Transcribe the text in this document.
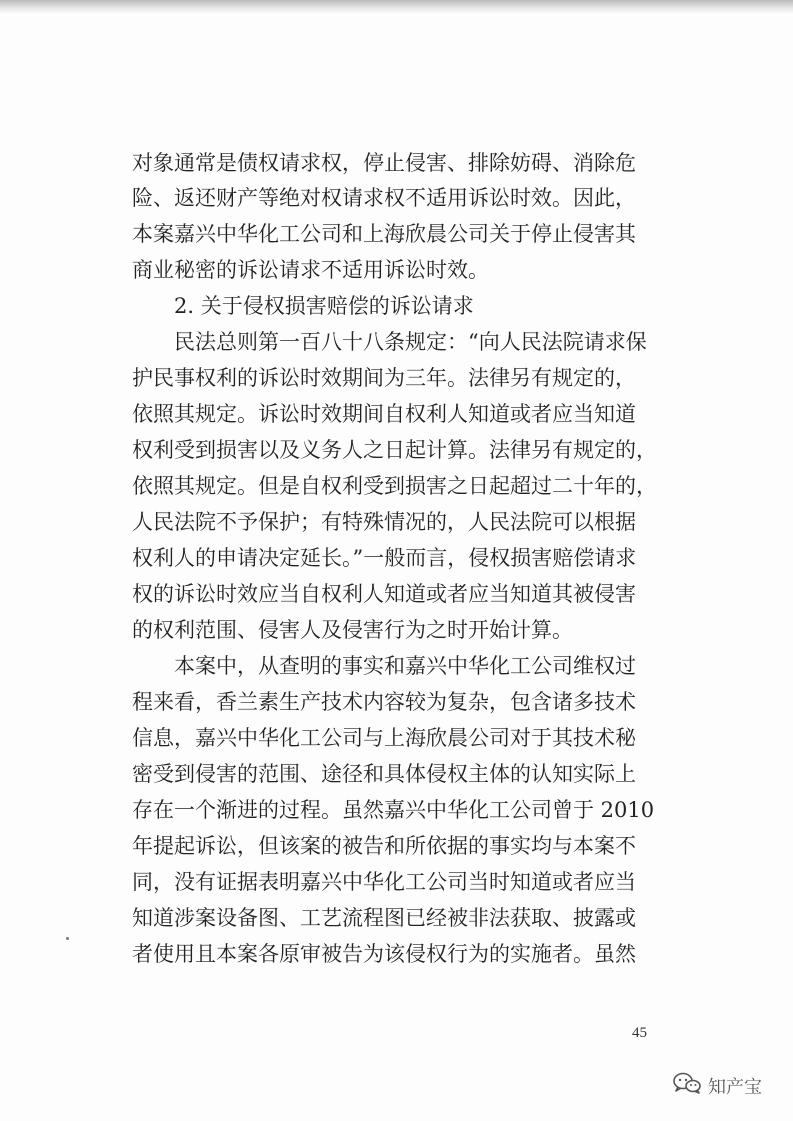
对象通常是债权请求权，停止侵害、排除妨碍、消除危
险、返还财产等绝对权请求权不适用诉讼时效。因此，
本案嘉兴中华化工公司和上海欣晨公司关于停止侵害其
商业秘密的诉讼请求不适用诉讼时效。
2. 关于侵权损害赔偿的诉讼请求
民法总则第一百八十八条规定：“向人民法院请求保
护民事权利的诉讼时效期间为三年。法律另有规定的，
依照其规定。诉讼时效期间自权利人知道或者应当知道
权利受到损害以及义务人之日起计算。法律另有规定的，
依照其规定。但是自权利受到损害之日起超过二十年的，
人民法院不予保护；有特殊情况的，人民法院可以根据
权利人的申请决定延长。”一般而言，侵权损害赔偿请求
权的诉讼时效应当自权利人知道或者应当知道其被侵害
的权利范围、侵害人及侵害行为之时开始计算。
本案中，从查明的事实和嘉兴中华化工公司维权过
程来看，香兰素生产技术内容较为复杂，包含诸多技术
信息，嘉兴中华化工公司与上海欣晨公司对于其技术秘
密受到侵害的范围、途径和具体侵权主体的认知实际上
存在一个渐进的过程。虽然嘉兴中华化工公司曾于 2010
年提起诉讼，但该案的被告和所依据的事实均与本案不
同，没有证据表明嘉兴中华化工公司当时知道或者应当
知道涉案设备图、工艺流程图已经被非法获取、披露或
者使用且本案各原审被告为该侵权行为的实施者。虽然
45
知产宝
